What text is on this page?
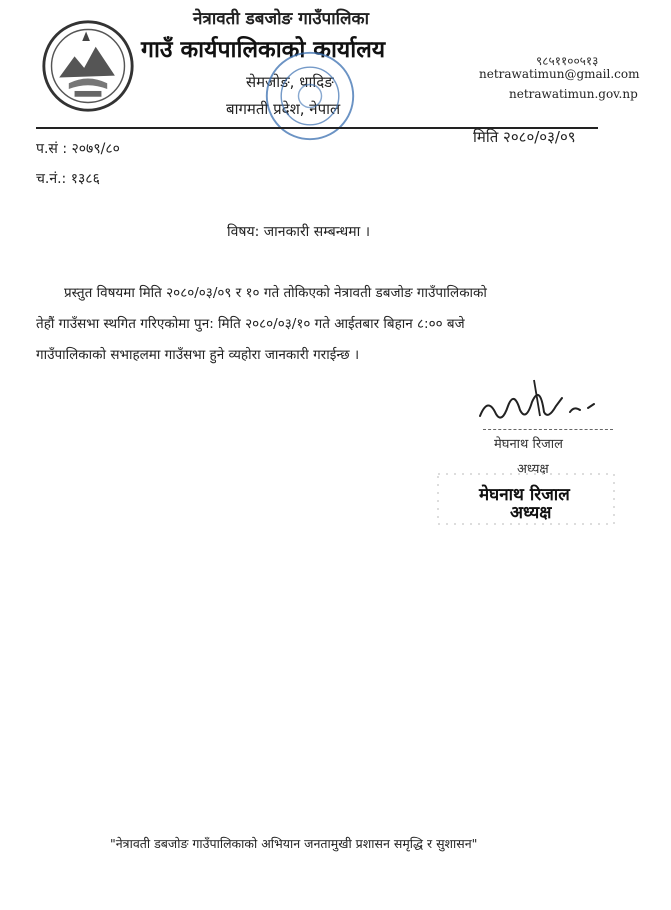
नेत्रावती डबजोङ गाउँपालिका
गाउँ कार्यपालिकाको कार्यालय
सेमजोङ, धादिङ
बागमती प्रदेश, नेपाल
९८५११००५१३
netrawatimun@gmail.com
netrawatimun.gov.np
प.सं : २०७९/८०
मिति २०८०/०३/०९
च.नं.: १३८६
विषय: जानकारी सम्बन्धमा ।

प्रस्तुत विषयमा मिति २०८०/०३/०९ र १० गते तोकिएको नेत्रावती डबजोङ गाउँपालिकाको

तेहौं गाउँसभा स्थगित गरिएकोमा पुन: मिति २०८०/०३/१० गते आईतबार बिहान ८:०० बजे

गाउँपालिकाको सभाहलमा गाउँसभा हुने व्यहोरा जानकारी गराईन्छ ।

मेघनाथ रिजाल
अध्यक्ष
मेघनाथ रिजाल
अध्यक्ष
"नेत्रावती डबजोङ गाउँपालिकाको अभियान जनतामुखी प्रशासन समृद्धि र सुशासन"
